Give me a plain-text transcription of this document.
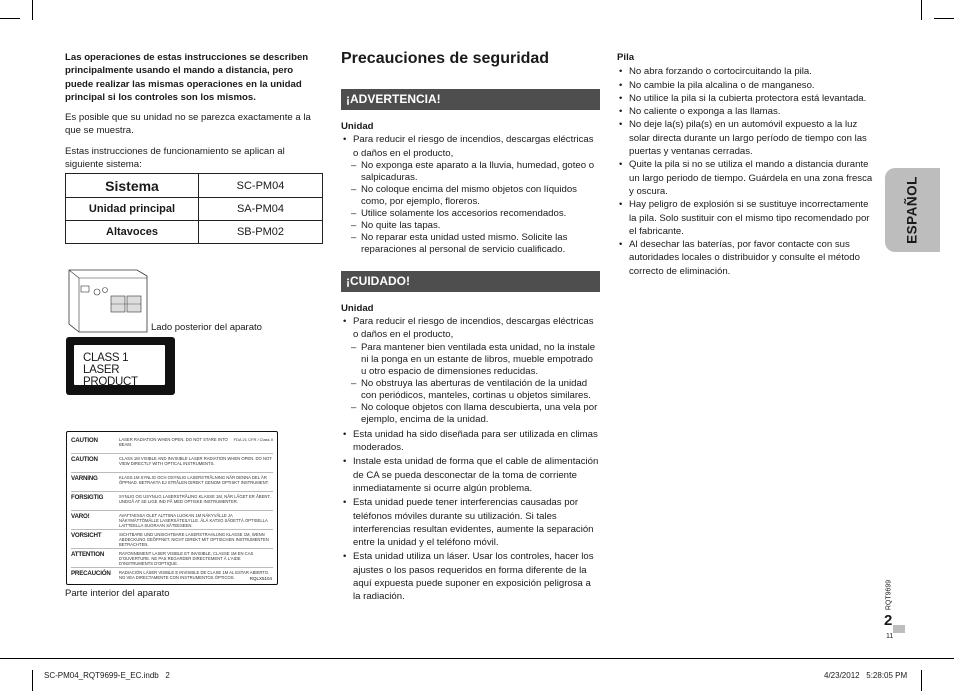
Las operaciones de estas instrucciones se describen principalmente usando el mando a distancia, pero puede realizar las mismas operaciones en la unidad principal si los controles son los mismos.

Es posible que su unidad no se parezca exactamente a la que se muestra.

Estas instrucciones de funcionamiento se aplican al siguiente sistema:

Sistema	SC-PM04
Unidad principal	SA-PM04
Altavoces	SB-PM02
Lado posterior del aparato
CLASS 1
LASER PRODUCT
CAUTION	LASER RADIATION WHEN OPEN. DO NOT STARE INTO BEAM.
FDA 21 CFR / Class II
CAUTION	CLASS 1M VISIBLE AND INVISIBLE LASER RADIATION WHEN OPEN. DO NOT VIEW DIRECTLY WITH OPTICAL INSTRUMENTS.
VARNING	KLASS 1M SYNLIG OCH OSYNLIG LASERSTRÅLNING NÄR DENNA DEL ÄR ÖPPNAD. BETRAKTA EJ STRÅLEN DIREKT GENOM OPTISKT INSTRUMENT.
FORSIGTIG	SYNLIG OG USYNLIG LASERSTRÅLING KLASSE 1M, NÅR LÅGET ER ÅBENT. UNDGÅ AT SE LIGE IND PÅ MED OPTISKE INSTRUMENTER.
VARO!	AVATTAESSA OLET ALTTIINA LUOKAN 1M NÄKYVÄLLE JA NÄKYMÄTTÖMÄLLE LASERSÄTEILYLLE. ÄLÄ KATSO SÄDETTÄ OPTISELLA LAITTEELLA SUORAAN SÄTEESEEN.
VORSICHT	SICHTBARE UND UNSICHTBARE LASERSTRAHLUNG KLASSE 1M, WENN ABDECKUNG GEÖFFNET. NICHT DIREKT MIT OPTISCHEN INSTRUMENTEN BETRACHTEN.
ATTENTION	RAYONNEMENT LASER VISIBLE ET INVISIBLE, CLASSE 1M EN CAS D'OUVERTURE. NE PAS REGARDER DIRECTEMENT À L'AIDE D'INSTRUMENTS D'OPTIQUE.
PRECAUCIÓN	RADIACIÓN LÁSER VISIBLE E INVISIBLE DE CLASE 1M AL ESTAR ABIERTO. NO VEA DIRECTAMENTE CON INSTRUMENTOS ÓPTICOS.	RQLX5104
Parte interior del aparato
Precauciones de seguridad
¡ADVERTENCIA!
Unidad
• Para reducir el riesgo de incendios, descargas eléctricas o daños en el producto,
– No exponga este aparato a la lluvia, humedad, goteo o salpicaduras.
– No coloque encima del mismo objetos con líquidos como, por ejemplo, floreros.
– Utilice solamente los accesorios recomendados.
– No quite las tapas.
– No reparar esta unidad usted mismo. Solicite las reparaciones al personal de servicio cualificado.
¡CUIDADO!
Unidad
• Para reducir el riesgo de incendios, descargas eléctricas o daños en el producto,
– Para mantener bien ventilada esta unidad, no la instale ni la ponga en un estante de libros, mueble empotrado u otro espacio de dimensiones reducidas.
– No obstruya las aberturas de ventilación de la unidad con periódicos, manteles, cortinas u objetos similares.
– No coloque objetos con llama descubierta, una vela por ejemplo, encima de la unidad.
• Esta unidad ha sido diseñada para ser utilizada en climas moderados.
• Instale esta unidad de forma que el cable de alimentación de CA se pueda desconectar de la toma de corriente inmediatamente si ocurre algún problema.
• Esta unidad puede tener interferencias causadas por teléfonos móviles durante su utilización. Si tales interferencias resultan evidentes, aumente la separación entre la unidad y el teléfono móvil.
• Esta unidad utiliza un láser. Usar los controles, hacer los ajustes o los pasos requeridos en forma diferente de la aquí expuesta puede suponer en exposición peligrosa a la radiación.
Pila
• No abra forzando o cortocircuitando la pila.
• No cambie la pila alcalina o de manganeso.
• No utilice la pila si la cubierta protectora está levantada.
• No caliente o exponga a las llamas.
• No deje la(s) pila(s) en un automóvil expuesto a la luz solar directa durante un largo período de tiempo con las puertas y ventanas cerradas.
• Quite la pila si no se utiliza el mando a distancia durante un largo periodo de tiempo. Guárdela en una zona fresca y oscura.
• Hay peligro de explosión si se sustituye incorrectamente la pila. Solo sustituir con el mismo tipo recomendado por el fabricante.
• Al desechar las baterías, por favor contacte con sus autoridades locales o distribuidor y consulte el método correcto de eliminación.
ESPAÑOL
RQT9699
2
11
SC-PM04_RQT9699-E_EC.indb   2	4/23/2012   5:28:05 PM
